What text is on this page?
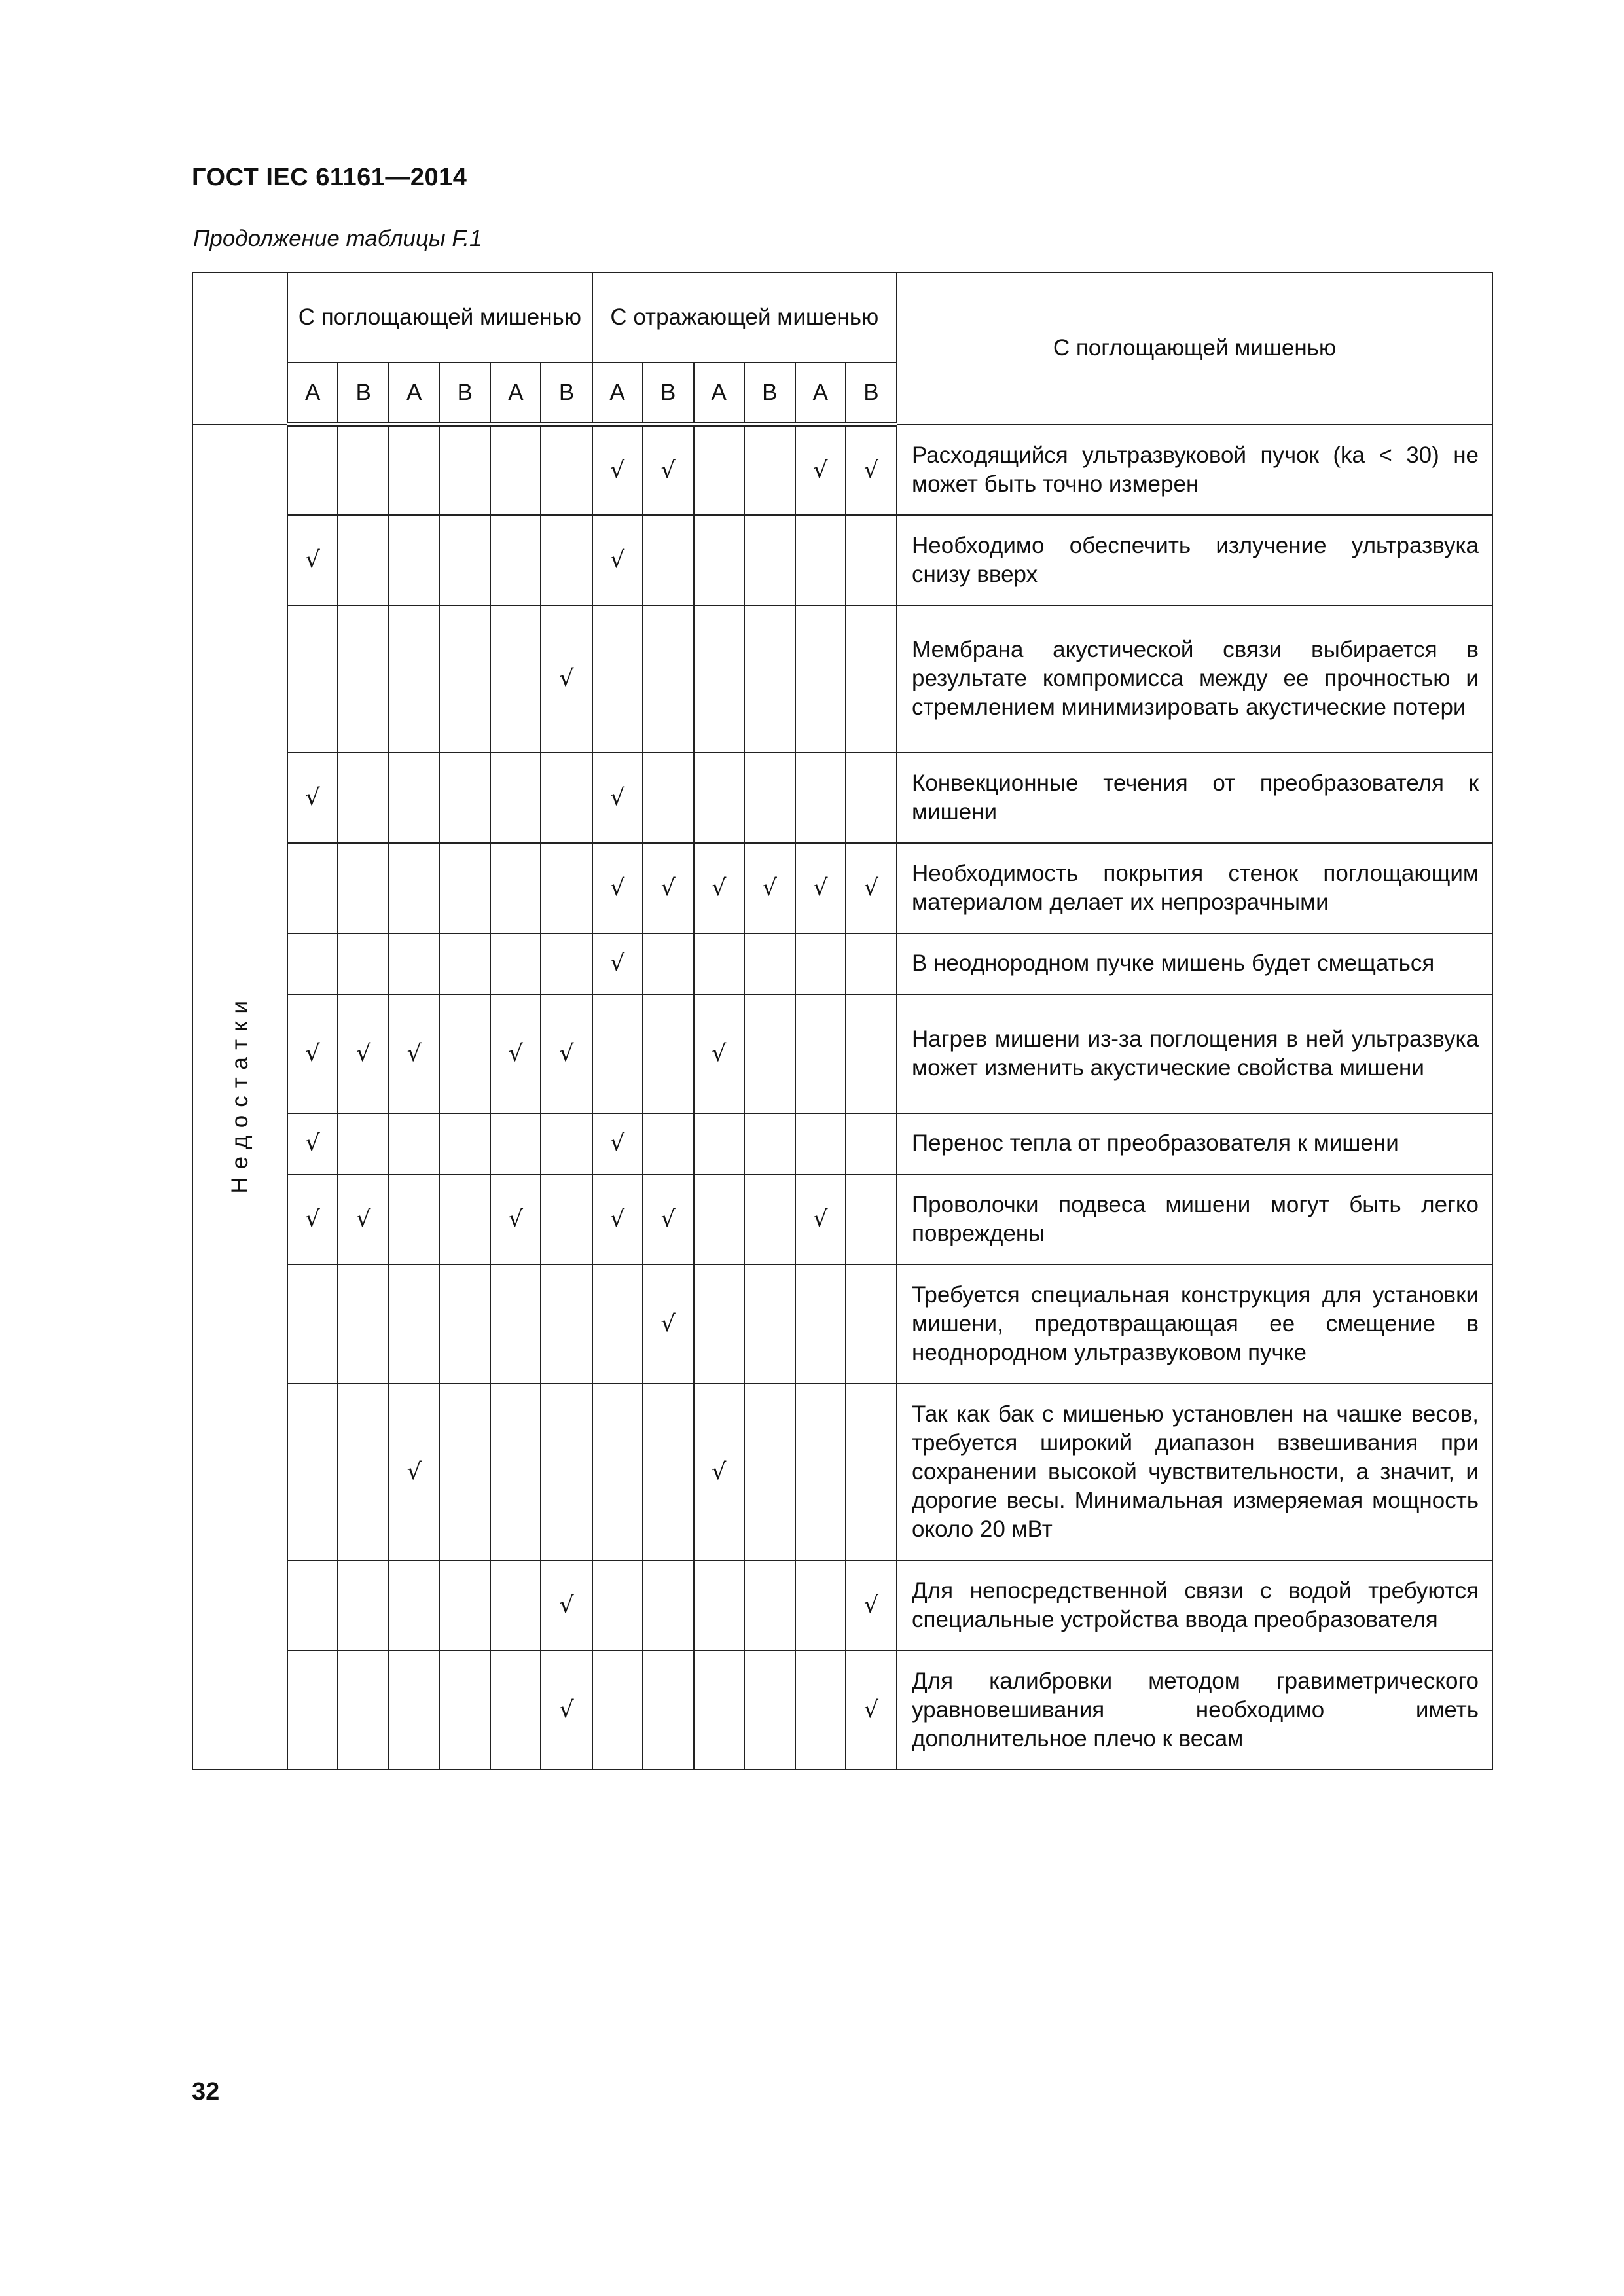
ГОСТ IEC 61161—2014
Продолжение таблицы F.1
	С поглощающей мишенью						С отражающей мишенью						С поглощающей мишенью
	А	В	А	В	А	В	А	В	А	В	А	В	
Недостатки							√	√			√	√	Расходящийся ультразвуковой пучок (ka < 30) не может быть точно измерен
	√						√						Необходимо обеспечить излучение ультразвука снизу вверх
						√							Мембрана акустической связи выбирается в результате компромисса между ее прочностью и стремлением минимизировать акустические потери
	√						√						Конвекционные течения от преобразователя к мишени
							√	√	√	√	√	√	Необходимость покрытия стенок поглощающим материалом делает их непрозрачными
							√						В неоднородном пучке мишень будет смещаться
	√	√	√		√	√			√				Нагрев мишени из-за поглощения в ней ультразвука может изменить акустические свойства мишени
	√						√						Перенос тепла от преобразователя к мишени
	√	√			√		√	√			√		Проволочки подвеса мишени могут быть легко повреждены
								√					Требуется специальная конструкция для установки мишени, предотвращающая ее смещение в неоднородном ультразвуковом пучке
			√						√				Так как бак с мишенью установлен на чашке весов, требуется широкий диапазон взвешивания при сохранении высокой чувствительности, а значит, и дорогие весы. Минимальная измеряемая мощность около 20 мВт
						√						√	Для непосредственной связи с водой требуются специальные устройства ввода преобразователя
						√						√	Для калибровки методом гравиметрического уравновешивания необходимо иметь дополнительное плечо к весам
32
